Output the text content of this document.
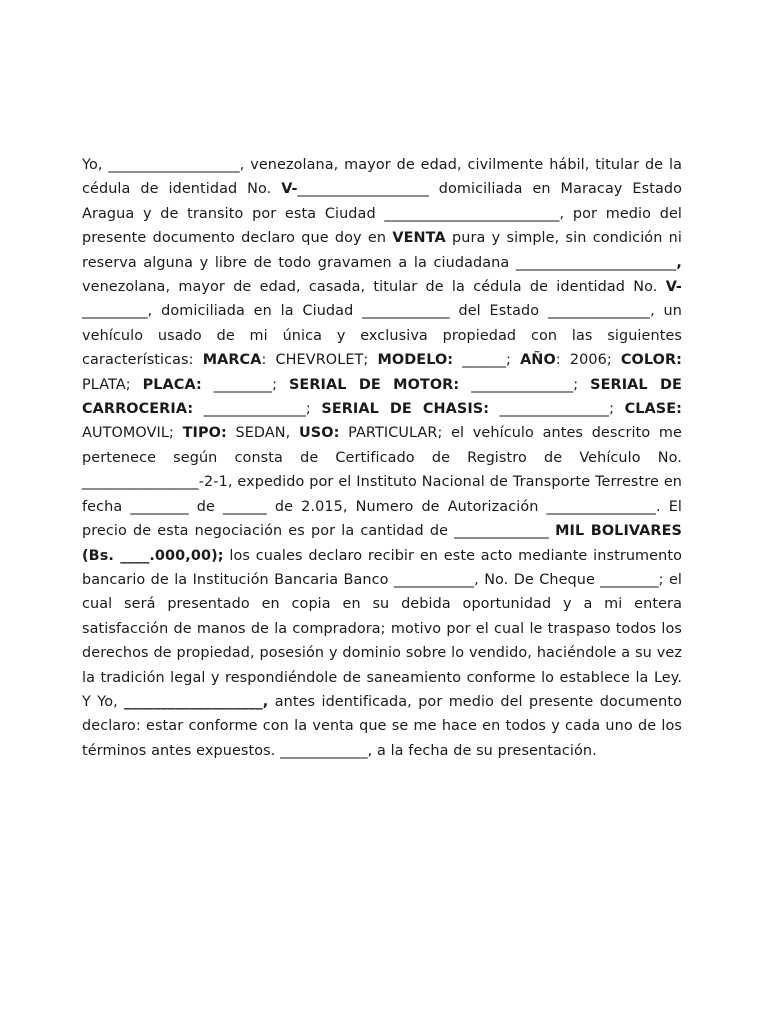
Yo, __________________, venezolana, mayor de edad, civilmente hábil, titular de la cédula de identidad No. V-__________________ domiciliada en Maracay Estado Aragua y de transito por esta Ciudad ________________________, por medio del presente documento declaro que doy en VENTA pura y simple, sin condición ni reserva alguna y libre de todo gravamen a la ciudadana ______________________, venezolana, mayor de edad, casada, titular de la cédula de identidad No. V-_________, domiciliada en la Ciudad ____________ del Estado ______________, un vehículo usado de mi única y exclusiva propiedad con las siguientes características: MARCA: CHEVROLET; MODELO: ______; AÑO: 2006; COLOR: PLATA; PLACA: ________; SERIAL DE MOTOR: ______________; SERIAL DE CARROCERIA: ______________; SERIAL DE CHASIS: _______________; CLASE: AUTOMOVIL; TIPO: SEDAN, USO: PARTICULAR; el vehículo antes descrito me pertenece según consta de Certificado de Registro de Vehículo No. ________________-2-1, expedido por el Instituto Nacional de Transporte Terrestre en fecha ________ de ______ de 2.015, Numero de Autorización _______________. El precio de esta negociación es por la cantidad de _____________ MIL BOLIVARES (Bs. ____.000,00); los cuales declaro recibir en este acto mediante instrumento bancario de la Institución Bancaria Banco ___________, No. De Cheque ________; el cual será presentado en copia en su debida oportunidad y a mi entera satisfacción de manos de la compradora; motivo por el cual le traspaso todos los derechos de propiedad, posesión y dominio sobre lo vendido, haciéndole a su vez la tradición legal y respondiéndole de saneamiento conforme lo establece la Ley. Y Yo, ___________________, antes identificada, por medio del presente documento declaro: estar conforme con la venta que se me hace en todos y cada uno de los términos antes expuestos. ____________, a la fecha de su presentación.
